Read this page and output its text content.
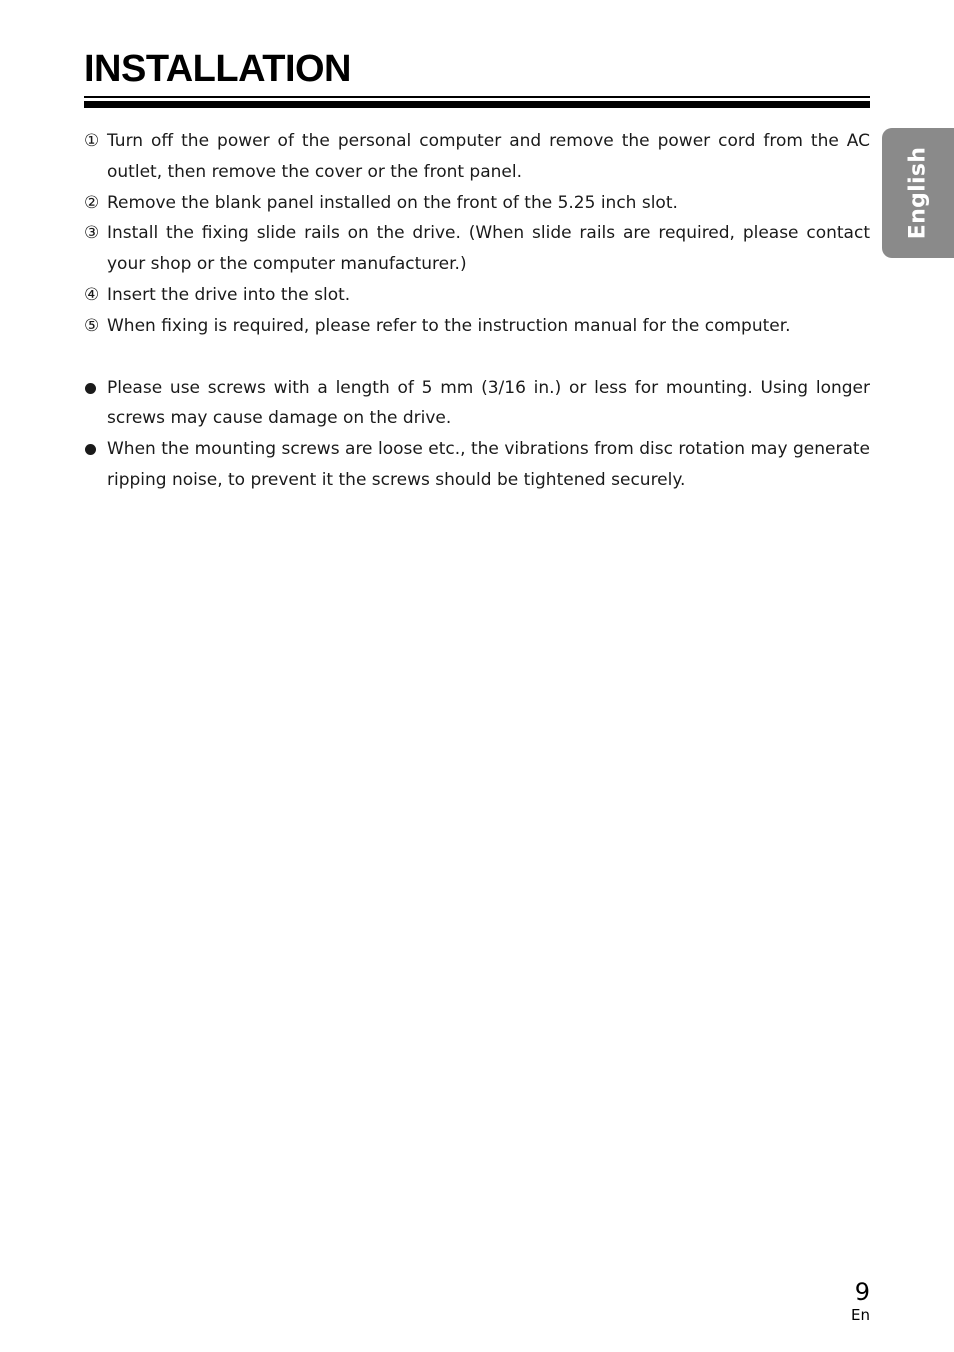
INSTALLATION
English
① Turn off the power of the personal computer and remove the power cord from the AC outlet, then remove the cover or the front panel.
② Remove the blank panel installed on the front of the 5.25 inch slot.
③ Install the fixing slide rails on the drive. (When slide rails are required, please contact your shop or the computer manufacturer.)
④ Insert the drive into the slot.
⑤ When fixing is required, please refer to the instruction manual for the computer.
Please use screws with a length of 5 mm (3/16 in.) or less for mounting. Using longer screws may cause damage on the drive.
When the mounting screws are loose etc., the vibrations from disc rotation may generate ripping noise, to prevent it the screws should be tightened securely.
9
En
